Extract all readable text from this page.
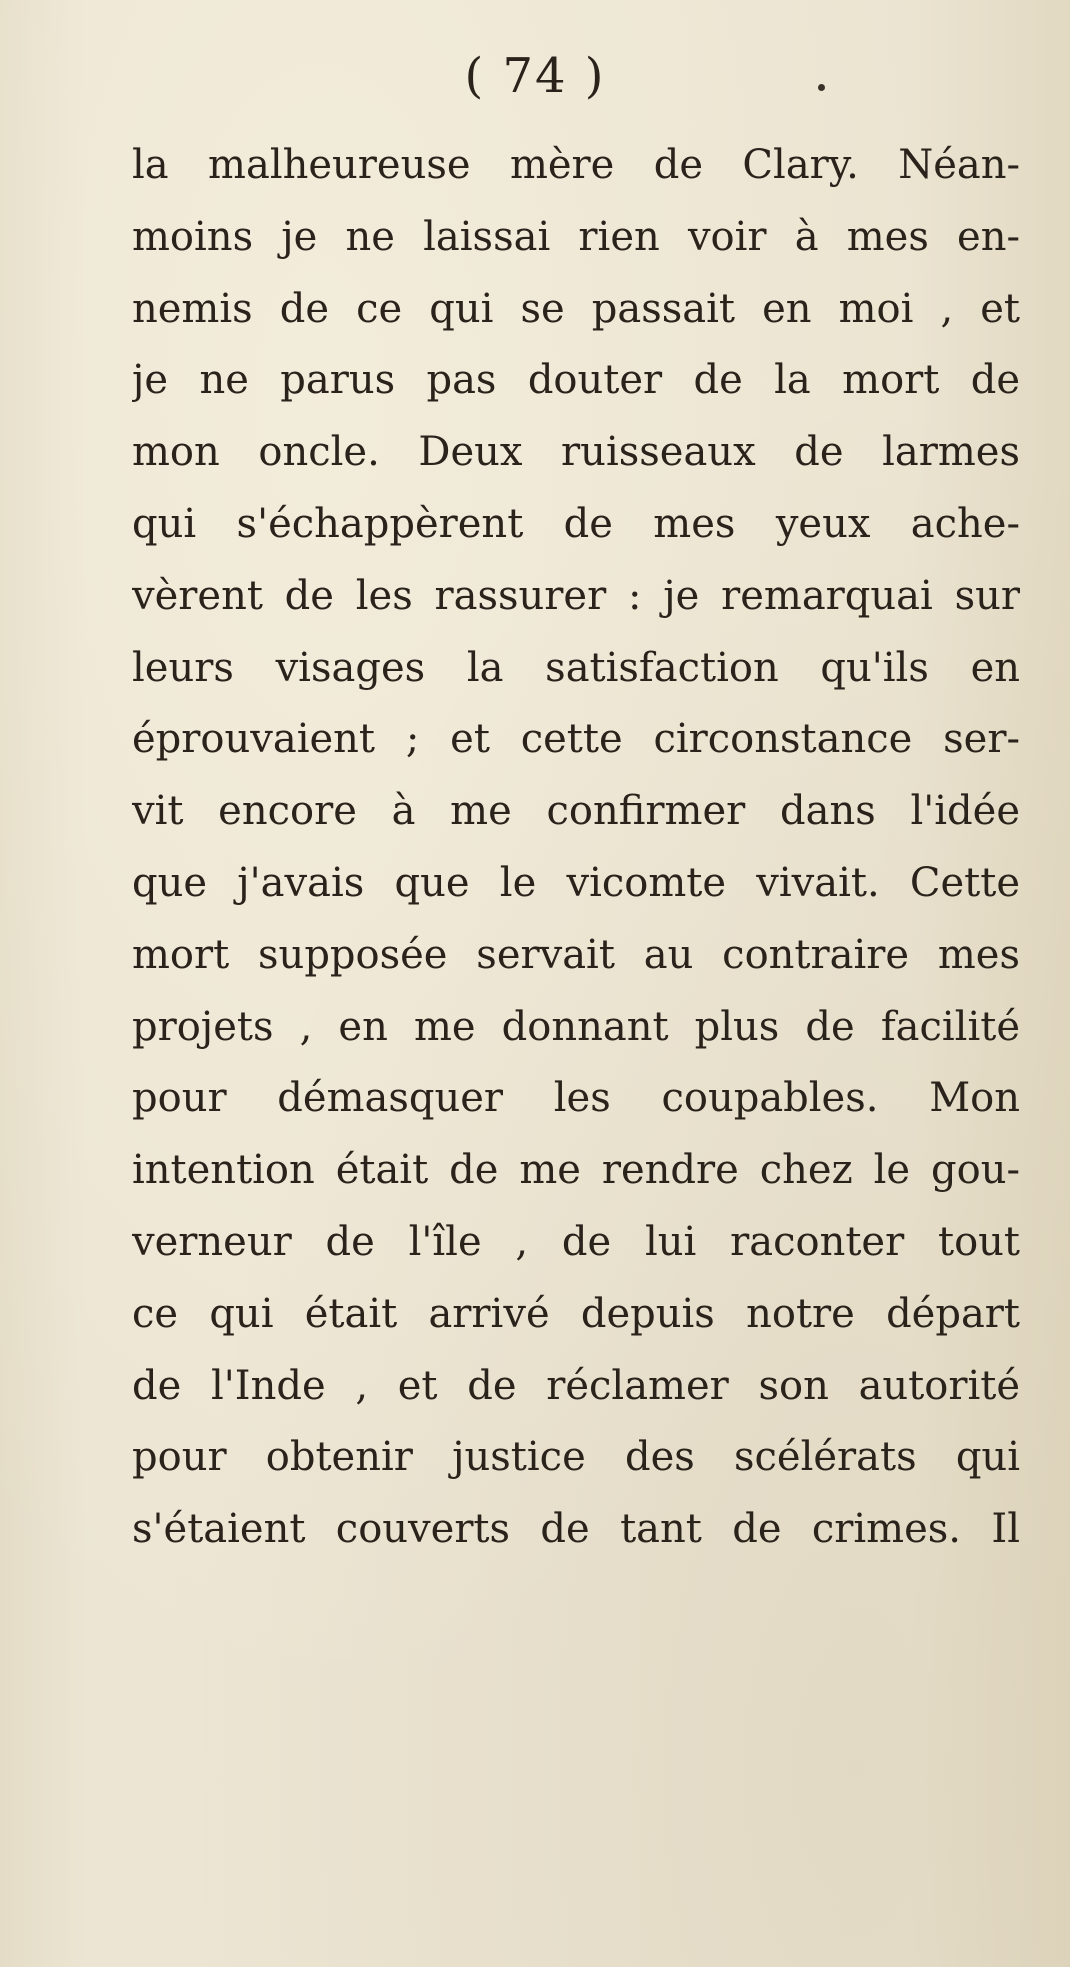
( 74 )
la malheureuse mère de Clary. Néan-
moins je ne laissai rien voir à mes en-
nemis de ce qui se passait en moi , et
je ne parus pas douter de la mort de
mon oncle. Deux ruisseaux de larmes
qui s'échappèrent de mes yeux ache-
vèrent de les rassurer : je remarquai sur
leurs visages la satisfaction qu'ils en
éprouvaient ; et cette circonstance ser-
vit encore à me confirmer dans l'idée
que j'avais que le vicomte vivait. Cette
mort supposée servait au contraire mes
projets , en me donnant plus de facilité
pour démasquer les coupables. Mon
intention était de me rendre chez le gou-
verneur de l'île , de lui raconter tout
ce qui était arrivé depuis notre départ
de l'Inde , et de réclamer son autorité
pour obtenir justice des scélérats qui
s'étaient couverts de tant de crimes. Il
